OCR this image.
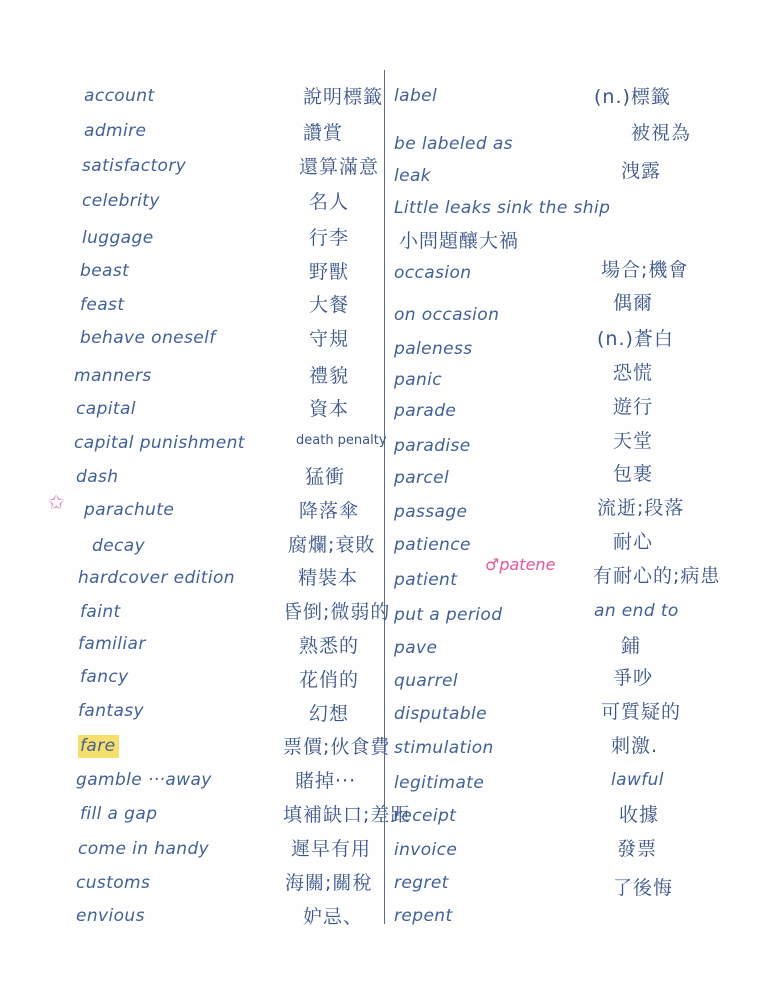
account
admire
satisfactory
celebrity
luggage
beast
feast
behave oneself
manners
capital
capital punishment
dash
parachute
decay
hardcover edition
faint
familiar
fancy
fantasy
fare
gamble ···away
fill a gap
come in handy
customs
envious
說明標籤
讚賞
還算滿意
名人
行李
野獸
大餐
守規
禮貌
資本
death penalty
猛衝
降落傘
腐爛;衰敗
精裝本
昏倒;微弱的
熟悉的
花俏的
幻想
票價;伙食費
賭掉···
填補缺口;差距
遲早有用
海關;關稅
妒忌、
label
be labeled as
leak
Little leaks sink the ship
occasion
on occasion
paleness
panic
parade
paradise
parcel
passage
patience
patient
put a period
pave
quarrel
disputable
stimulation
legitimate
receipt
invoice
regret
repent
(n.)標籤
被視為
洩露
小問題釀大禍
場合;機會
偶爾
(n.)蒼白
恐慌
遊行
天堂
包裹
流逝;段落
耐心
有耐心的;病患
an end to
鋪
爭吵
可質疑的
刺激.
lawful
收據
發票
了後悔
✩
♂patene
